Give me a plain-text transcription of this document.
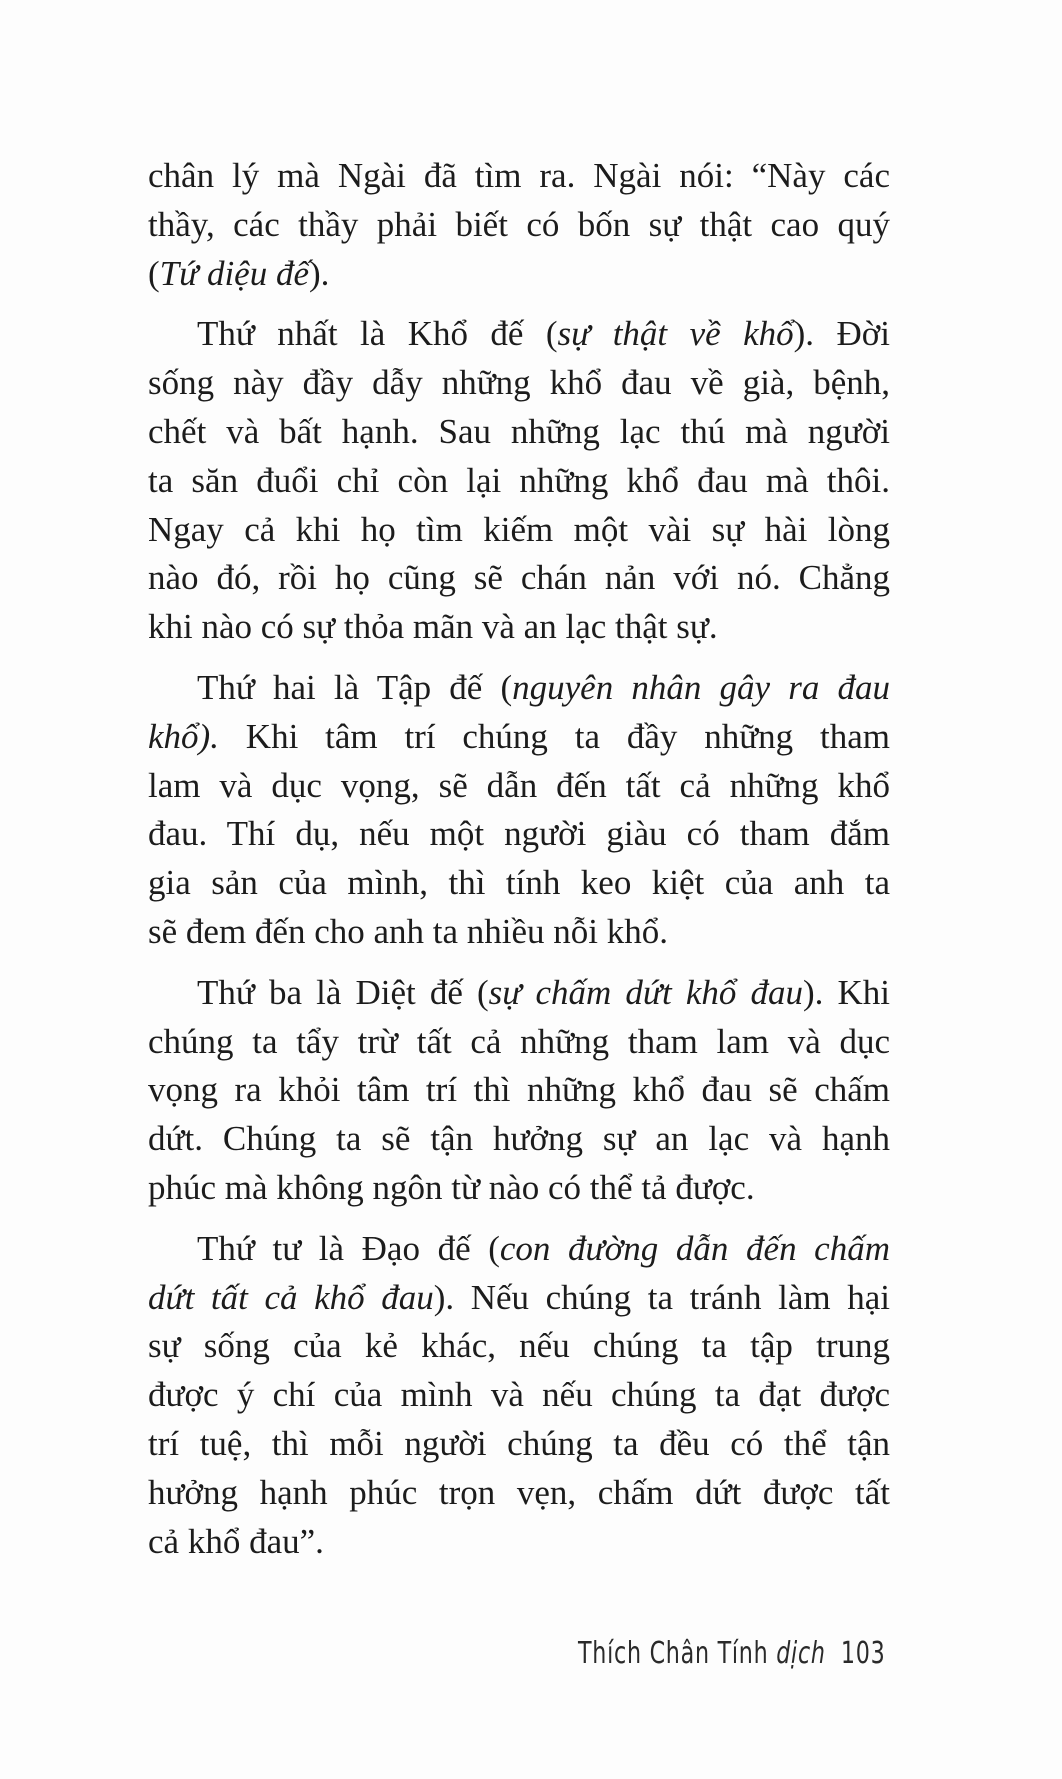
chân lý mà Ngài đã tìm ra. Ngài nói: “Này các
thầy, các thầy phải biết có bốn sự thật cao quý
(Tứ diệu đế).
Thứ nhất là Khổ đế (sự thật về khổ). Đời
sống này đầy dẫy những khổ đau về già, bệnh,
chết và bất hạnh. Sau những lạc thú mà người
ta săn đuổi chỉ còn lại những khổ đau mà thôi.
Ngay cả khi họ tìm kiếm một vài sự hài lòng
nào đó, rồi họ cũng sẽ chán nản với nó. Chẳng
khi nào có sự thỏa mãn và an lạc thật sự.
Thứ hai là Tập đế (nguyên nhân gây ra đau
khổ). Khi tâm trí chúng ta đầy những tham
lam và dục vọng, sẽ dẫn đến tất cả những khổ
đau. Thí dụ, nếu một người giàu có tham đắm
gia sản của mình, thì tính keo kiệt của anh ta
sẽ đem đến cho anh ta nhiều nỗi khổ.
Thứ ba là Diệt đế (sự chấm dứt khổ đau). Khi
chúng ta tẩy trừ tất cả những tham lam và dục
vọng ra khỏi tâm trí thì những khổ đau sẽ chấm
dứt. Chúng ta sẽ tận hưởng sự an lạc và hạnh
phúc mà không ngôn từ nào có thể tả được.
Thứ tư là Đạo đế (con đường dẫn đến chấm
dứt tất cả khổ đau). Nếu chúng ta tránh làm hại
sự sống của kẻ khác, nếu chúng ta tập trung
được ý chí của mình và nếu chúng ta đạt được
trí tuệ, thì mỗi người chúng ta đều có thể tận
hưởng hạnh phúc trọn vẹn, chấm dứt được tất
cả khổ đau”.
Thích Chân Tính dịch 103
